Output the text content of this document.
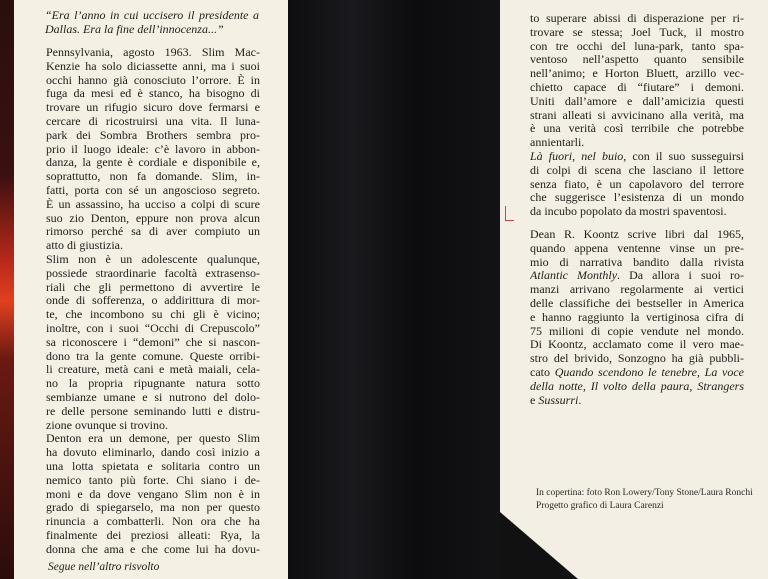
“Era l’anno in cui uccisero il presidente a
Dallas. Era la fine dell’innocenza...”
Pennsylvania, agosto 1963. Slim Mac-
Kenzie ha solo diciassette anni, ma i suoi
occhi hanno già conosciuto l’orrore. È in
fuga da mesi ed è stanco, ha bisogno di
trovare un rifugio sicuro dove fermarsi e
cercare di ricostruirsi una vita. Il luna-
park dei Sombra Brothers sembra pro-
prio il luogo ideale: c’è lavoro in abbon-
danza, la gente è cordiale e disponibile e,
soprattutto, non fa domande. Slim, in-
fatti, porta con sé un angoscioso segreto.
È un assassino, ha ucciso a colpi di scure
suo zio Denton, eppure non prova alcun
rimorso perché sa di aver compiuto un
atto di giustizia.
Slim non è un adolescente qualunque,
possiede straordinarie facoltà extrasenso-
riali che gli permettono di avvertire le
onde di sofferenza, o addirittura di mor-
te, che incombono su chi gli è vicino;
inoltre, con i suoi “Occhi di Crepuscolo”
sa riconoscere i “demoni” che si nascon-
dono tra la gente comune. Queste orribi-
li creature, metà cani e metà maiali, cela-
no la propria ripugnante natura sotto
sembianze umane e si nutrono del dolo-
re delle persone seminando lutti e distru-
zione ovunque si trovino.
Denton era un demone, per questo Slim
ha dovuto eliminarlo, dando così inizio a
una lotta spietata e solitaria contro un
nemico tanto più forte. Chi siano i de-
moni e da dove vengano Slim non è in
grado di spiegarselo, ma non per questo
rinuncia a combatterli. Non ora che ha
finalmente dei preziosi alleati: Rya, la
donna che ama e che come lui ha dovu-
Segue nell’altro risvolto
to superare abissi di disperazione per ri-
trovare se stessa; Joel Tuck, il mostro
con tre occhi del luna-park, tanto spa-
ventoso nell’aspetto quanto sensibile
nell’animo; e Horton Bluett, arzillo vec-
chietto capace di “fiutare” i demoni.
Uniti dall’amore e dall’amicizia questi
strani alleati si avvicinano alla verità, ma
è una verità così terribile che potrebbe
annientarli.
Là fuori, nel buio, con il suo susseguirsi
di colpi di scena che lasciano il lettore
senza fiato, è un capolavoro del terrore
che suggerisce l’esistenza di un mondo
da incubo popolato da mostri spaventosi.
Dean R. Koontz scrive libri dal 1965,
quando appena ventenne vinse un pre-
mio di narrativa bandito dalla rivista
Atlantic Monthly. Da allora i suoi ro-
manzi arrivano regolarmente ai vertici
delle classifiche dei bestseller in America
e hanno raggiunto la vertiginosa cifra di
75 milioni di copie vendute nel mondo.
Di Koontz, acclamato come il vero mae-
stro del brivido, Sonzogno ha già pubbli-
cato Quando scendono le tenebre, La voce
della notte, Il volto della paura, Strangers
e Sussurri.
In copertina: foto Ron Lowery/Tony Stone/Laura Ronchi
Progetto grafico di Laura Carenzi
